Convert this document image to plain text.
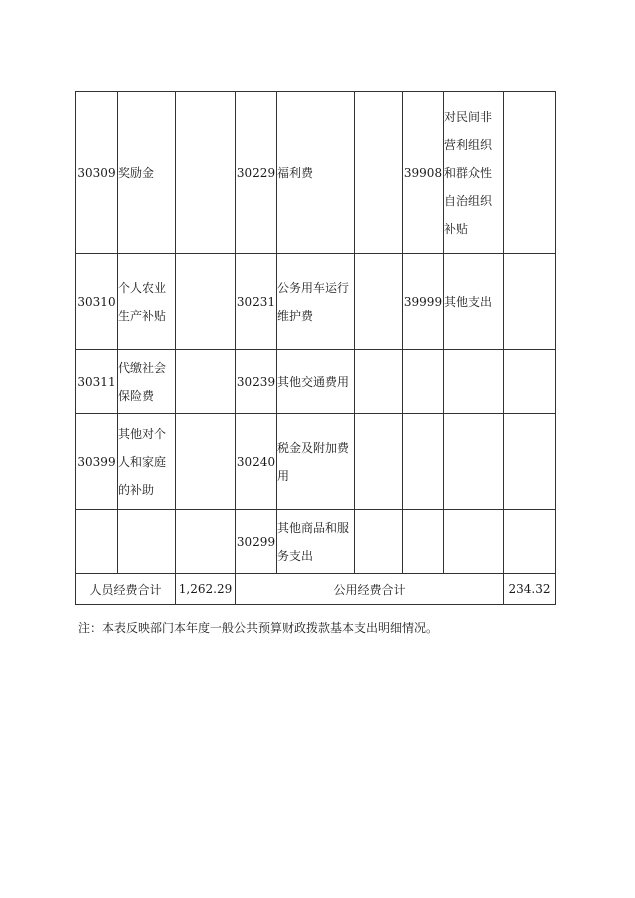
30309	奖励金		30229	福利费		39908	对民间非营利组织和群众性自治组织补贴	
30310	个人农业生产补贴		30231	公务用车运行维护费		39999	其他支出	
30311	代缴社会保险费		30239	其他交通费用				
30399	其他对个人和家庭的补助		30240	税金及附加费用				
			30299	其他商品和服务支出				
人员经费合计		1,262.29	公用经费合计					234.32
注：本表反映部门本年度一般公共预算财政拨款基本支出明细情况。
